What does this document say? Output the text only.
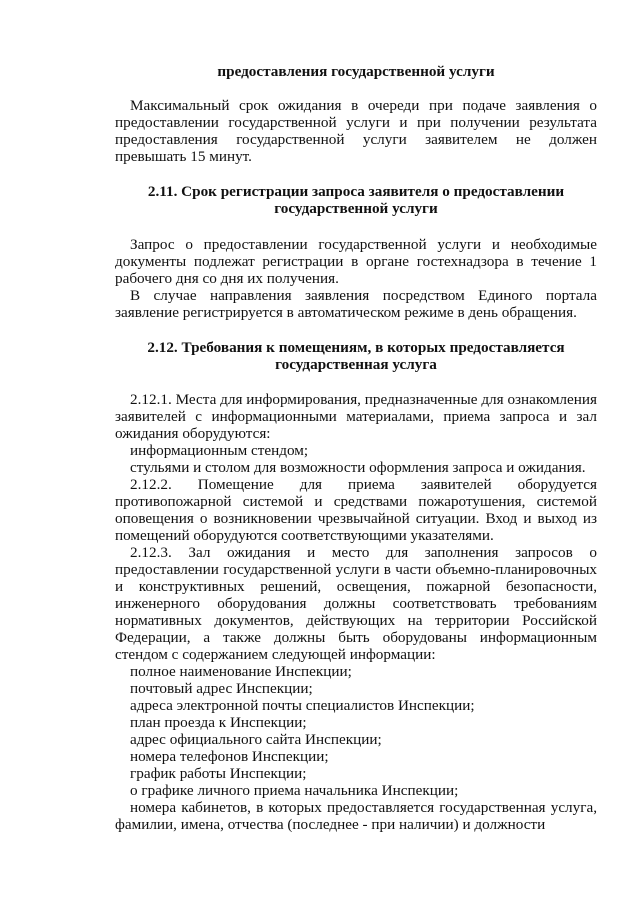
предоставления государственной услуги

Максимальный срок ожидания в очереди при подаче заявления о предоставлении государственной услуги и при получении результата предоставления государственной услуги заявителем не должен превышать 15 минут.

2.11. Срок регистрации запроса заявителя о предоставлении государственной услуги

Запрос о предоставлении государственной услуги и необходимые документы подлежат регистрации в органе гостехнадзора в течение 1 рабочего дня со дня их получения.

В случае направления заявления посредством Единого портала заявление регистрируется в автоматическом режиме в день обращения.

2.12. Требования к помещениям, в которых предоставляется государственная услуга

2.12.1. Места для информирования, предназначенные для ознакомления заявителей с информационными материалами, приема запроса и зал ожидания оборудуются:

информационным стендом;

стульями и столом для возможности оформления запроса и ожидания.

2.12.2. Помещение для приема заявителей оборудуется противопожарной системой и средствами пожаротушения, системой оповещения о возникновении чрезвычайной ситуации. Вход и выход из помещений оборудуются соответствующими указателями.

2.12.3. Зал ожидания и место для заполнения запросов о предоставлении государственной услуги в части объемно-планировочных и конструктивных решений, освещения, пожарной безопасности, инженерного оборудования должны соответствовать требованиям нормативных документов, действующих на территории Российской Федерации, а также должны быть оборудованы информационным стендом с содержанием следующей информации:

полное наименование Инспекции;

почтовый адрес Инспекции;

адреса электронной почты специалистов Инспекции;

план проезда к Инспекции;

адрес официального сайта Инспекции;

номера телефонов Инспекции;

график работы Инспекции;

о графике личного приема начальника Инспекции;

номера кабинетов, в которых предоставляется государственная услуга, фамилии, имена, отчества (последнее - при наличии) и должности
